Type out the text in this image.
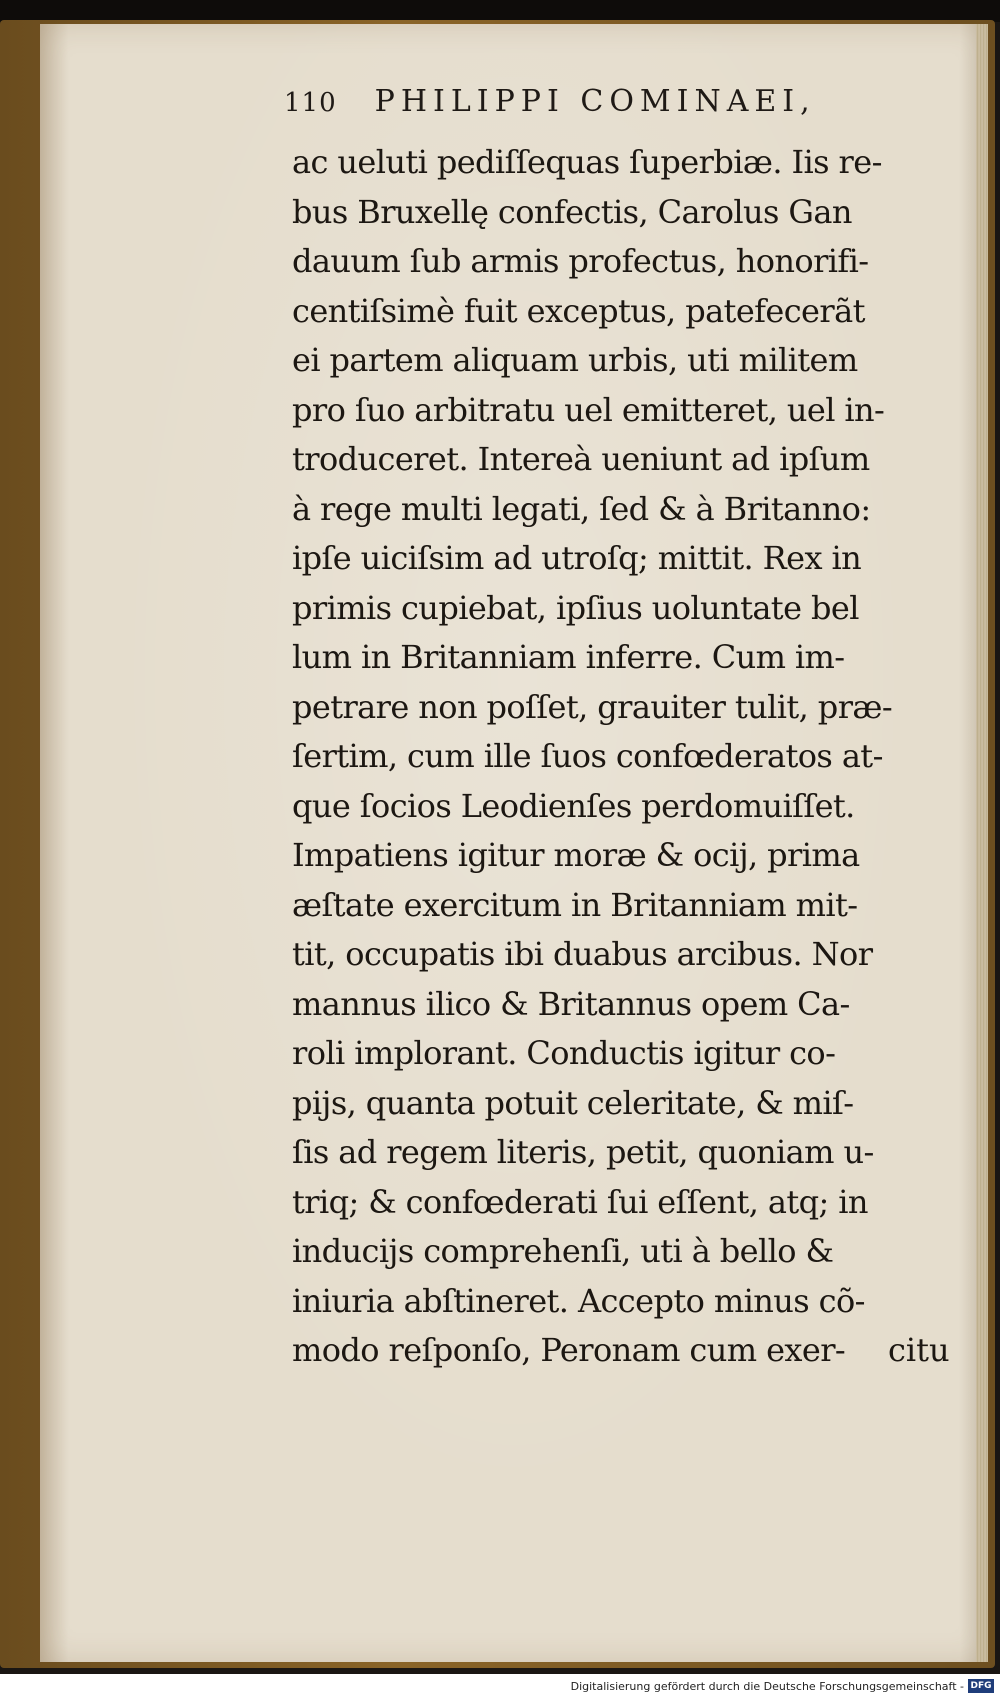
110 PHILIPPI COMINAEI,
ac ueluti pediſſequas ſuperbiæ. Iis re-
bus Bruxellę confectis, Carolus Gan
dauum ſub armis profectus, honorifi-
centiſsimè fuit exceptus, patefecerãt
ei partem aliquam urbis, uti militem
pro ſuo arbitratu uel emitteret, uel in-
troduceret. Intereà ueniunt ad ipſum
à rege multi legati, ſed & à Britanno:
ipſe uiciſsim ad utroſq; mittit. Rex in
primis cupiebat, ipſius uoluntate bel
lum in Britanniam inferre. Cum im-
petrare non poſſet, grauiter tulit, præ-
ſertim, cum ille ſuos confœderatos at-
que ſocios Leodienſes perdomuiſſet.
Impatiens igitur moræ & ocij, prima
æſtate exercitum in Britanniam mit-
tit, occupatis ibi duabus arcibus. Nor
mannus ilico & Britannus opem Ca-
roli implorant. Conductis igitur co-
pijs, quanta potuit celeritate, & miſ-
ſis ad regem literis, petit, quoniam u-
triq; & confœderati ſui eſſent, atq; in
inducijs comprehenſi, uti à bello &
iniuria abſtineret. Accepto minus cõ-
modo reſponſo, Peronam cum exer-	citu
Digitalisierung gefördert durch die Deutsche Forschungsgemeinschaft - DFG
